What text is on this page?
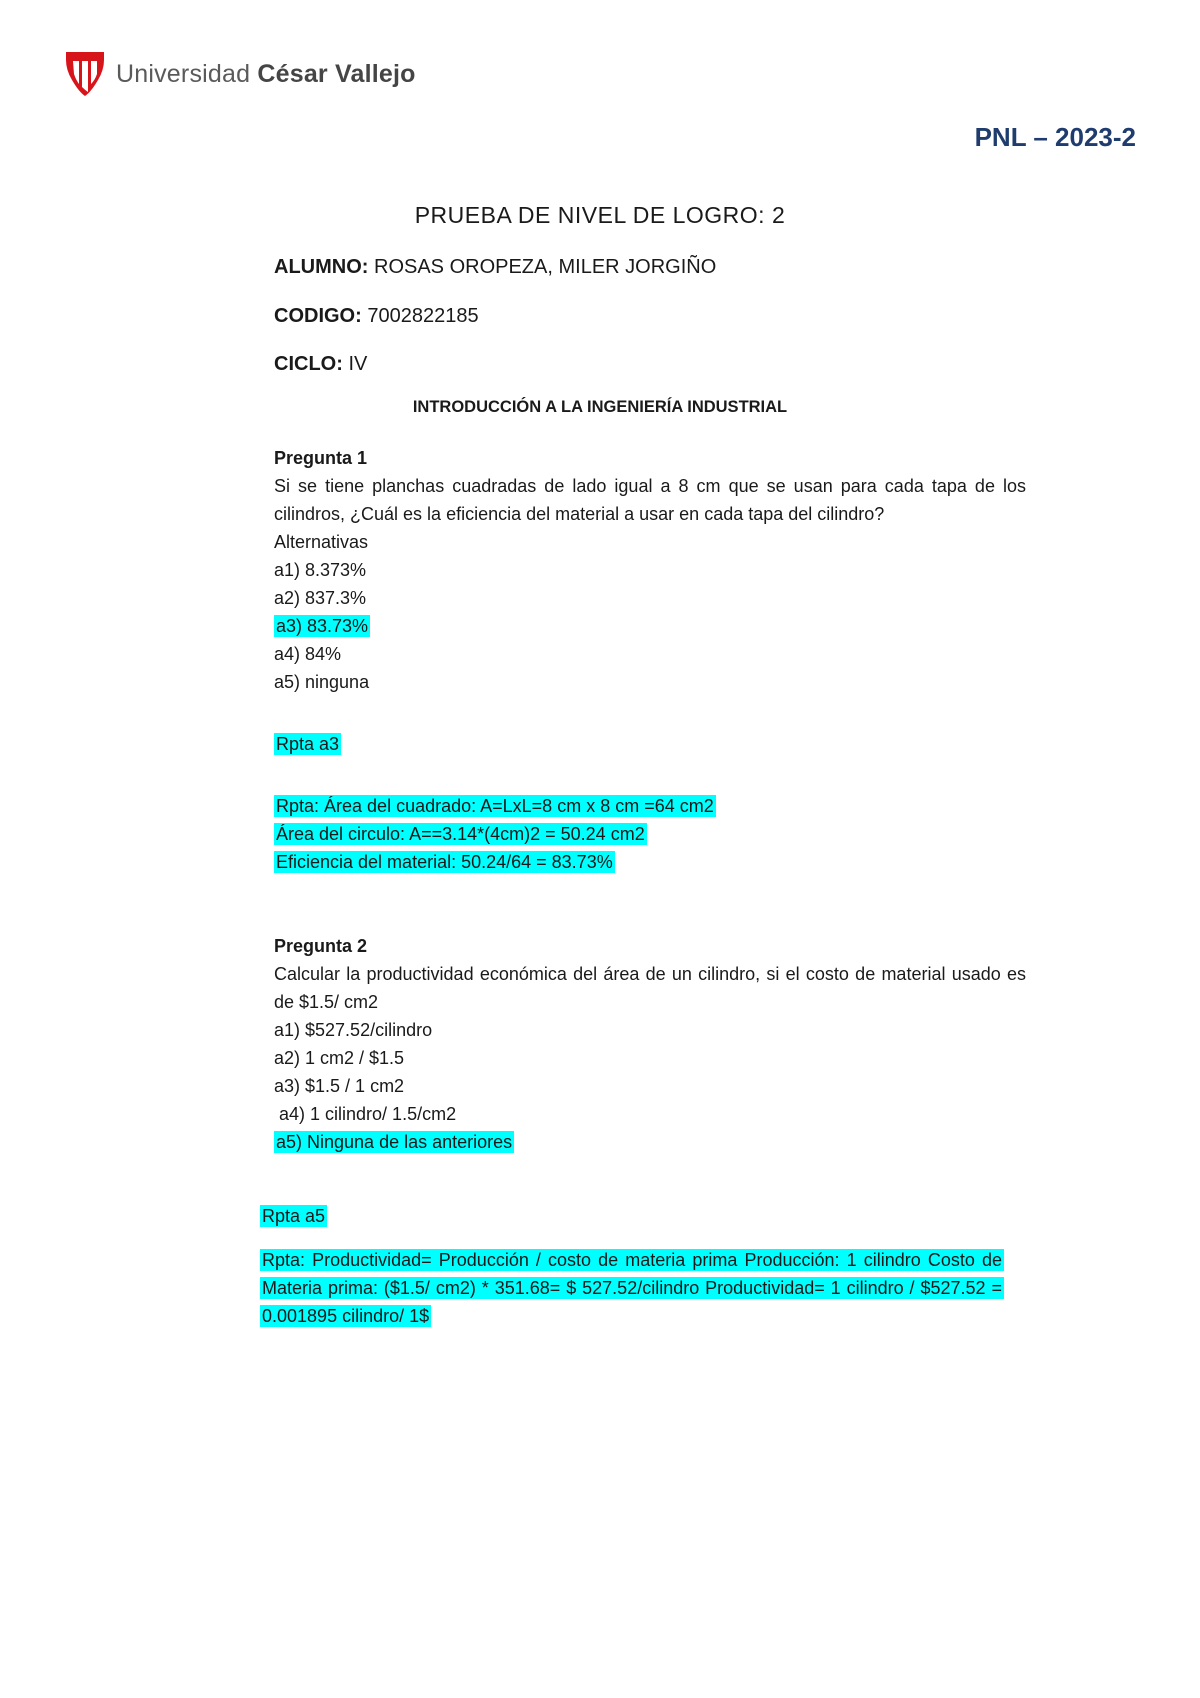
Universidad César Vallejo
PNL – 2023-2
PRUEBA DE NIVEL DE LOGRO: 2
ALUMNO: ROSAS OROPEZA, MILER JORGIÑO
CODIGO: 7002822185
CICLO: IV
INTRODUCCIÓN A LA INGENIERÍA INDUSTRIAL
Pregunta 1
Si se tiene planchas cuadradas de lado igual a 8 cm que se usan para cada tapa de los cilindros, ¿Cuál es la eficiencia del material a usar en cada tapa del cilindro?
Alternativas
a1) 8.373%
a2) 837.3%
a3) 83.73%
a4) 84%
a5) ninguna
Rpta a3
Rpta: Área del cuadrado: A=LxL=8 cm x 8 cm =64 cm2
Área del circulo: A==3.14*(4cm)2 = 50.24 cm2
Eficiencia del material: 50.24/64 = 83.73%
Pregunta 2
Calcular la productividad económica del área de un cilindro, si el costo de material usado es de $1.5/ cm2
a1) $527.52/cilindro
a2) 1 cm2 / $1.5
a3) $1.5 / 1 cm2
a4) 1 cilindro/ 1.5/cm2
a5) Ninguna de las anteriores
Rpta a5
Rpta: Productividad= Producción / costo de materia prima Producción: 1 cilindro Costo de Materia prima: ($1.5/ cm2) * 351.68= $ 527.52/cilindro Productividad= 1 cilindro / $527.52 = 0.001895 cilindro/ 1$
